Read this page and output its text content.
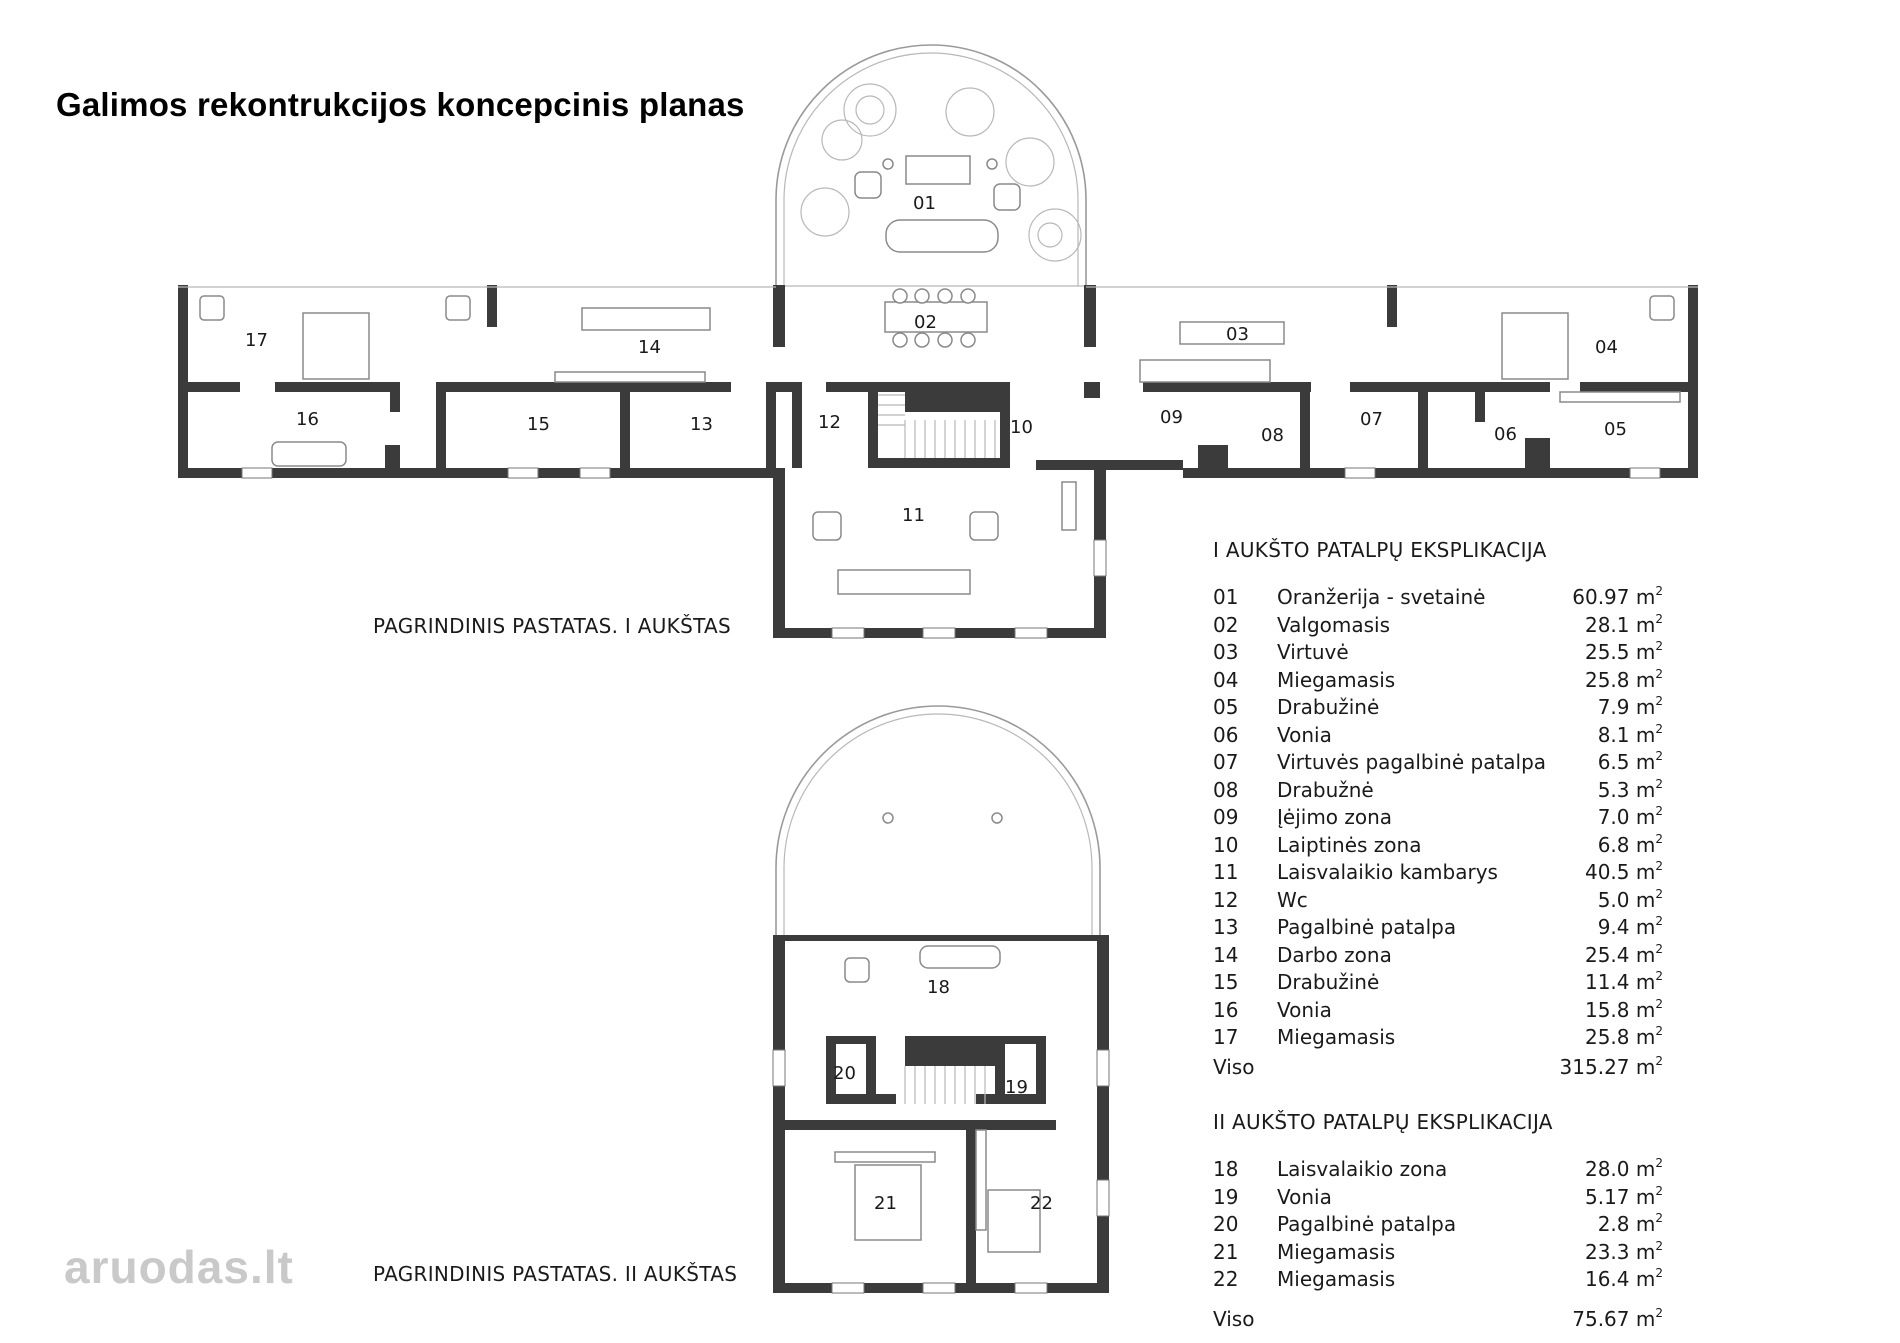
Galimos rekontrukcijos koncepcinis planas
01
02
03
04
05
06
07
08
09
10
11
12
13
14
15
16
17
18
19
20
21	22
PAGRINDINIS PASTATAS. I AUKŠTAS
PAGRINDINIS PASTATAS. II AUKŠTAS
I AUKŠTO PATALPŲ EKSPLIKACIJA
01	Oranžerija - svetainė	60.97 $m^2$
02	Valgomasis	28.1 $m^2$
03	Virtuvė	25.5 $m^2$
04	Miegamasis	25.8 $m^2$
05	Drabužinė	7.9 $m^2$
06	Vonia	8.1 $m^2$
07	Virtuvės pagalbinė patalpa	6.5 $m^2$
08	Drabužnė	5.3 $m^2$
09	Įėjimo zona	7.0 $m^2$
10	Laiptinės zona	6.8 $m^2$
11	Laisvalaikio kambarys	40.5 $m^2$
12	Wc	5.0 $m^2$
13	Pagalbinė patalpa	9.4 $m^2$
14	Darbo zona	25.4 $m^2$
15	Drabužinė	11.4 $m^2$
16	Vonia	15.8 $m^2$
17	Miegamasis	25.8 $m^2$
Viso	315.27 $m^2$
II AUKŠTO PATALPŲ EKSPLIKACIJA
18	Laisvalaikio zona	28.0 $m^2$
19	Vonia	5.17 $m^2$
20	Pagalbinė patalpa	2.8 $m^2$
21	Miegamasis	23.3 $m^2$
22	Miegamasis	16.4 $m^2$
Viso	75.67 $m^2$
aruodas.lt
